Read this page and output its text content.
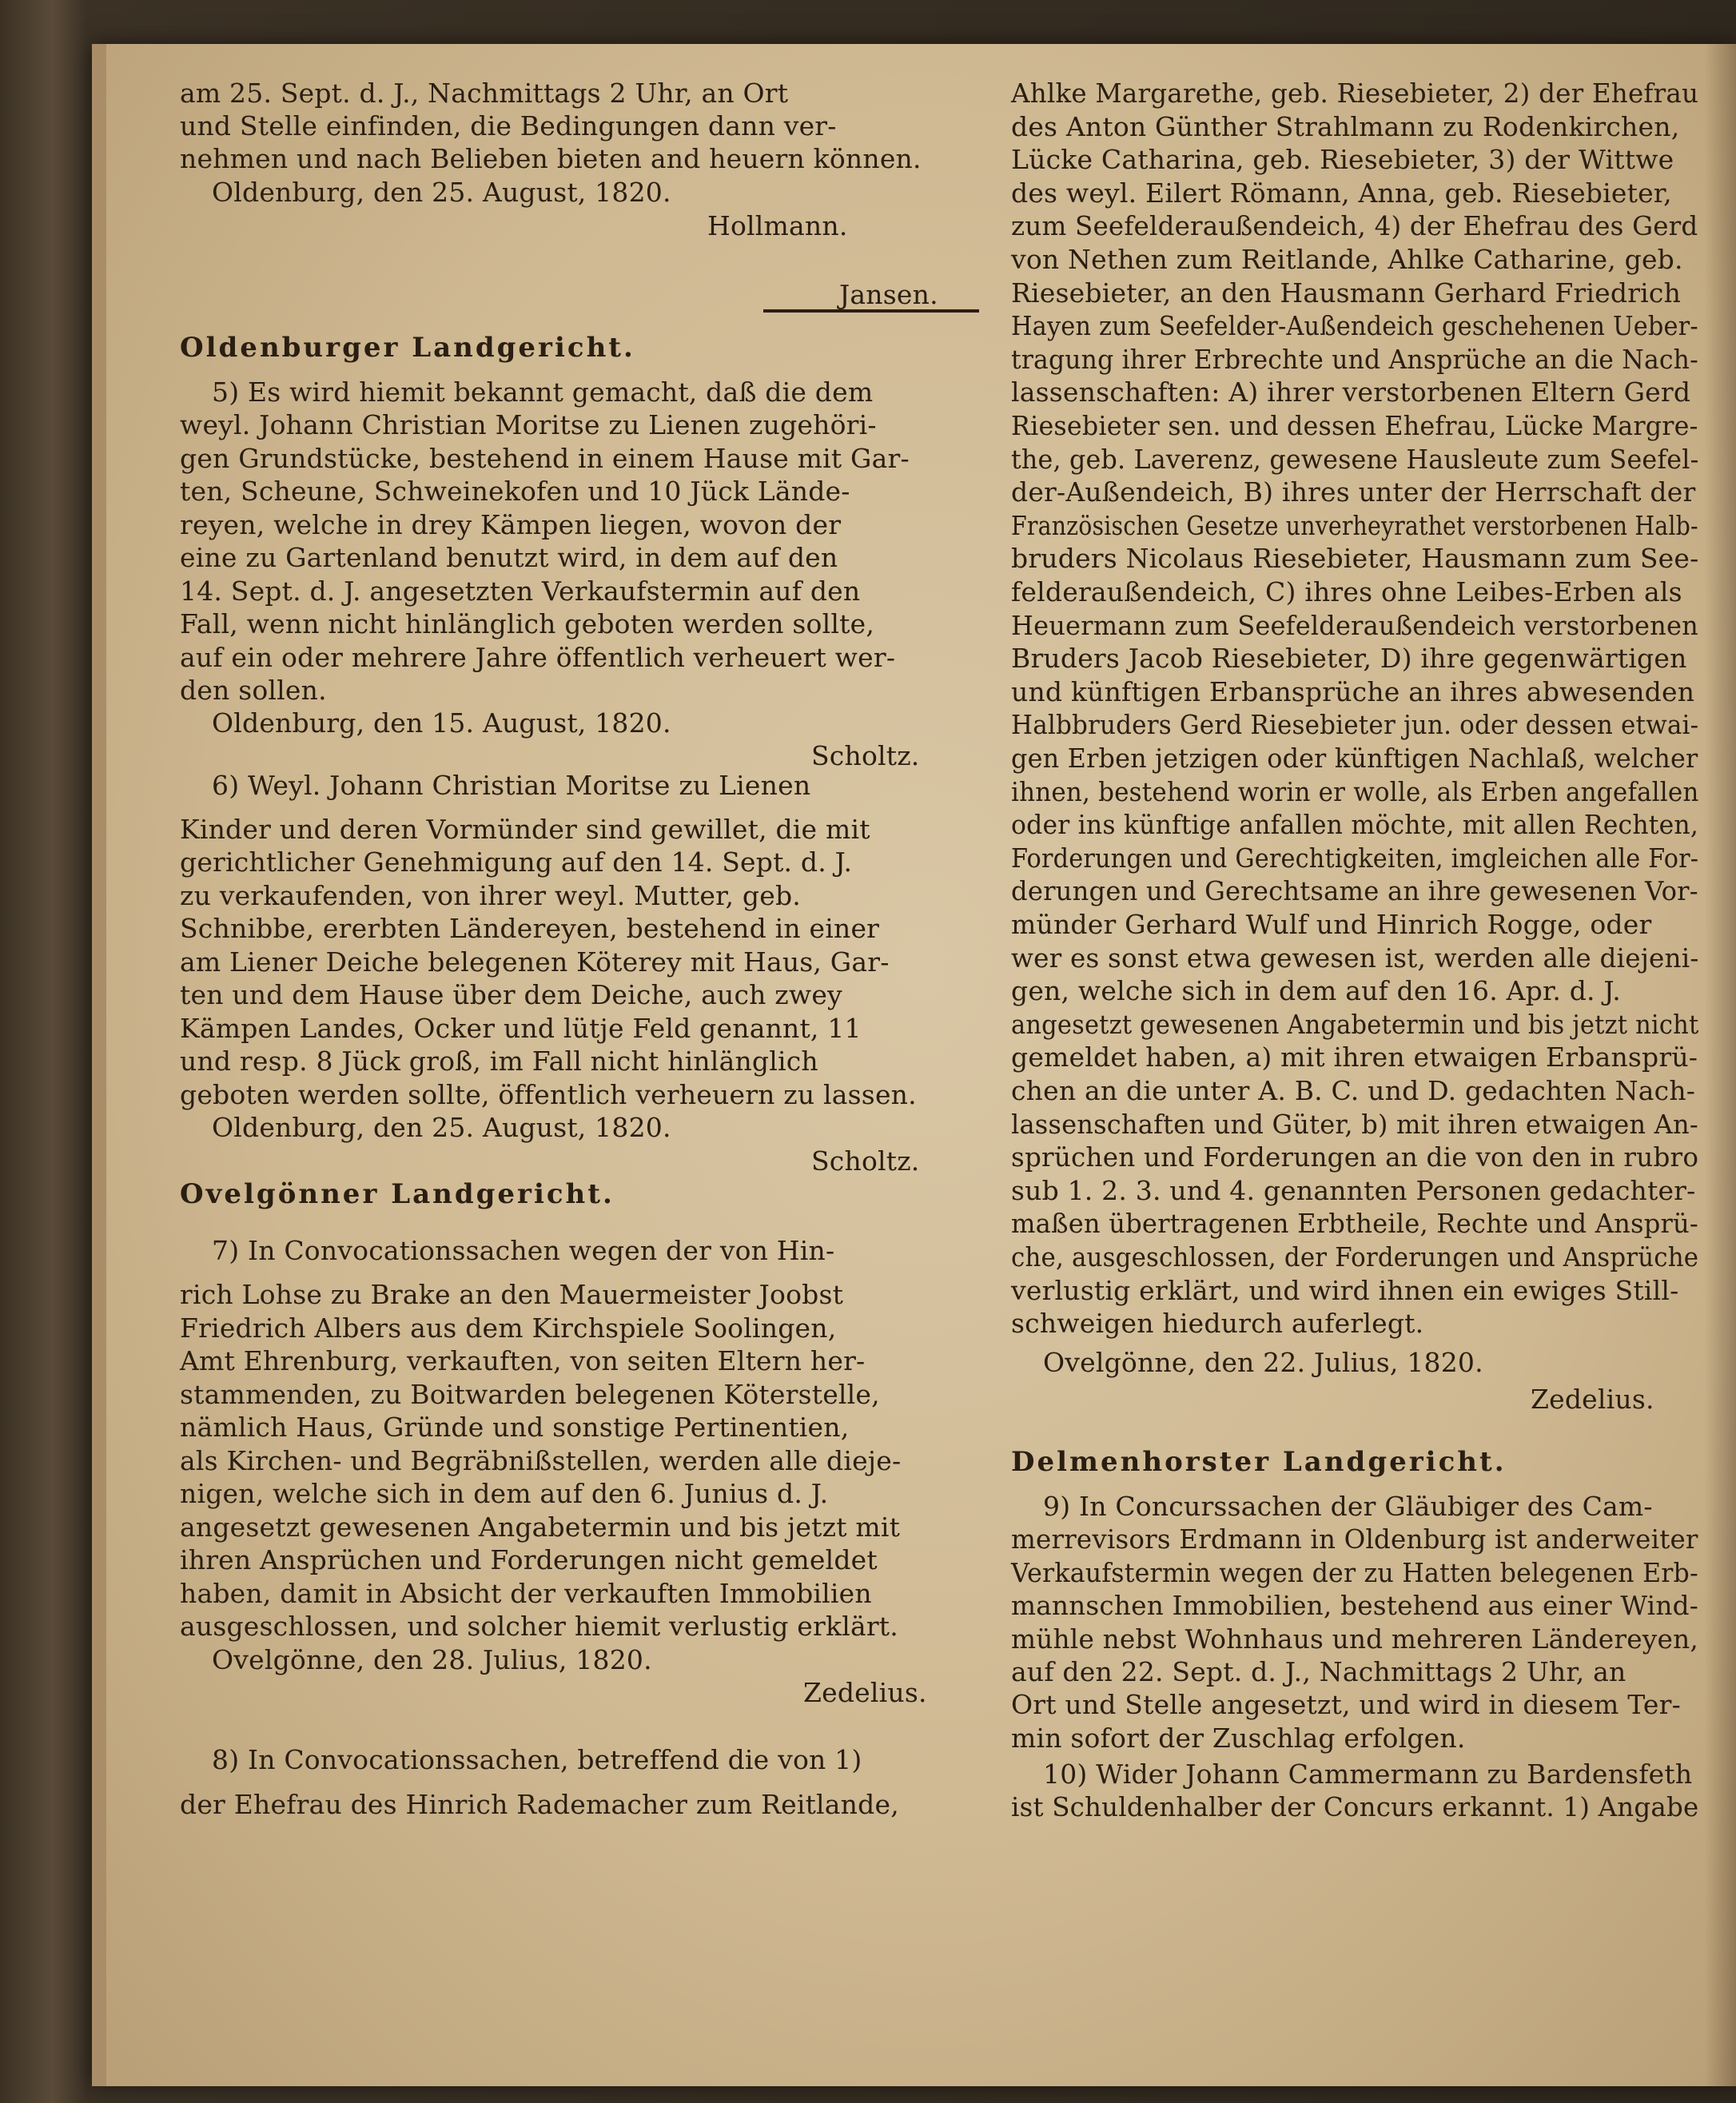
am 25. Sept. d. J., Nachmittags 2 Uhr, an Ort
und Stelle einfinden, die Bedingungen dann ver-
nehmen und nach Belieben bieten and heuern können.
Oldenburg, den 25. August, 1820.
Hollmann.
Jansen.
Oldenburger Landgericht.
5) Es wird hiemit bekannt gemacht, daß die dem
weyl. Johann Christian Moritse zu Lienen zugehöri-
gen Grundstücke, bestehend in einem Hause mit Gar-
ten, Scheune, Schweinekofen und 10 Jück Lände-
reyen, welche in drey Kämpen liegen, wovon der
eine zu Gartenland benutzt wird, in dem auf den
14. Sept. d. J. angesetzten Verkaufstermin auf den
Fall, wenn nicht hinlänglich geboten werden sollte,
auf ein oder mehrere Jahre öffentlich verheuert wer-
den sollen.
Oldenburg, den 15. August, 1820.
Scholtz.
6) Weyl. Johann Christian Moritse zu Lienen
Kinder und deren Vormünder sind gewillet, die mit
gerichtlicher Genehmigung auf den 14. Sept. d. J.
zu verkaufenden, von ihrer weyl. Mutter, geb.
Schnibbe, ererbten Ländereyen, bestehend in einer
am Liener Deiche belegenen Köterey mit Haus, Gar-
ten und dem Hause über dem Deiche, auch zwey
Kämpen Landes, Ocker und lütje Feld genannt, 11
und resp. 8 Jück groß, im Fall nicht hinlänglich
geboten werden sollte, öffentlich verheuern zu lassen.
Oldenburg, den 25. August, 1820.
Scholtz.
Ovelgönner Landgericht.
7) In Convocationssachen wegen der von Hin-
rich Lohse zu Brake an den Mauermeister Joobst
Friedrich Albers aus dem Kirchspiele Soolingen,
Amt Ehrenburg, verkauften, von seiten Eltern her-
stammenden, zu Boitwarden belegenen Köterstelle,
nämlich Haus, Gründe und sonstige Pertinentien,
als Kirchen- und Begräbnißstellen, werden alle dieje-
nigen, welche sich in dem auf den 6. Junius d. J.
angesetzt gewesenen Angabetermin und bis jetzt mit
ihren Ansprüchen und Forderungen nicht gemeldet
haben, damit in Absicht der verkauften Immobilien
ausgeschlossen, und solcher hiemit verlustig erklärt.
Ovelgönne, den 28. Julius, 1820.
Zedelius.
8) In Convocationssachen, betreffend die von 1)
der Ehefrau des Hinrich Rademacher zum Reitlande,
Ahlke Margarethe, geb. Riesebieter, 2) der Ehefrau
des Anton Günther Strahlmann zu Rodenkirchen,
Lücke Catharina, geb. Riesebieter, 3) der Wittwe
des weyl. Eilert Römann, Anna, geb. Riesebieter,
zum Seefelderaußendeich, 4) der Ehefrau des Gerd
von Nethen zum Reitlande, Ahlke Catharine, geb.
Riesebieter, an den Hausmann Gerhard Friedrich
Hayen zum Seefelder-Außendeich geschehenen Ueber-
tragung ihrer Erbrechte und Ansprüche an die Nach-
lassenschaften: A) ihrer verstorbenen Eltern Gerd
Riesebieter sen. und dessen Ehefrau, Lücke Margre-
the, geb. Laverenz, gewesene Hausleute zum Seefel-
der-Außendeich, B) ihres unter der Herrschaft der
Französischen Gesetze unverheyrathet verstorbenen Halb-
bruders Nicolaus Riesebieter, Hausmann zum See-
felderaußendeich, C) ihres ohne Leibes-Erben als
Heuermann zum Seefelderaußendeich verstorbenen
Bruders Jacob Riesebieter, D) ihre gegenwärtigen
und künftigen Erbansprüche an ihres abwesenden
Halbbruders Gerd Riesebieter jun. oder dessen etwai-
gen Erben jetzigen oder künftigen Nachlaß, welcher
ihnen, bestehend worin er wolle, als Erben angefallen
oder ins künftige anfallen möchte, mit allen Rechten,
Forderungen und Gerechtigkeiten, imgleichen alle For-
derungen und Gerechtsame an ihre gewesenen Vor-
münder Gerhard Wulf und Hinrich Rogge, oder
wer es sonst etwa gewesen ist, werden alle diejeni-
gen, welche sich in dem auf den 16. Apr. d. J.
angesetzt gewesenen Angabetermin und bis jetzt nicht
gemeldet haben, a) mit ihren etwaigen Erbansprü-
chen an die unter A. B. C. und D. gedachten Nach-
lassenschaften und Güter, b) mit ihren etwaigen An-
sprüchen und Forderungen an die von den in rubro
sub 1. 2. 3. und 4. genannten Personen gedachter-
maßen übertragenen Erbtheile, Rechte und Ansprü-
che, ausgeschlossen, der Forderungen und Ansprüche
verlustig erklärt, und wird ihnen ein ewiges Still-
schweigen hiedurch auferlegt.
Ovelgönne, den 22. Julius, 1820.
Zedelius.
Delmenhorster Landgericht.
9) In Concurssachen der Gläubiger des Cam-
merrevisors Erdmann in Oldenburg ist anderweiter
Verkaufstermin wegen der zu Hatten belegenen Erb-
mannschen Immobilien, bestehend aus einer Wind-
mühle nebst Wohnhaus und mehreren Ländereyen,
auf den 22. Sept. d. J., Nachmittags 2 Uhr, an
Ort und Stelle angesetzt, und wird in diesem Ter-
min sofort der Zuschlag erfolgen.
10) Wider Johann Cammermann zu Bardensfeth
ist Schuldenhalber der Concurs erkannt. 1) Angabe
